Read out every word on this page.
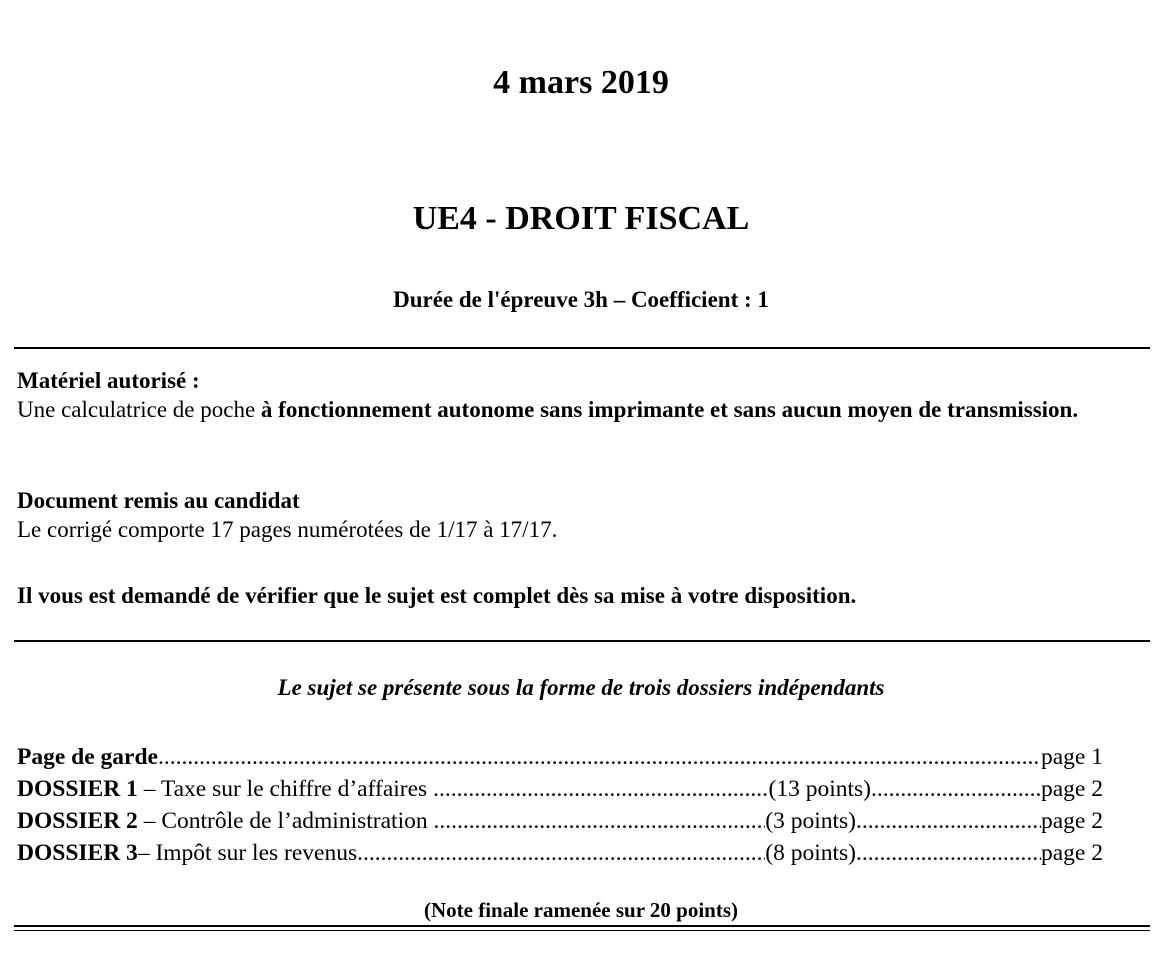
4 mars 2019
UE4 - DROIT FISCAL
Durée de l'épreuve 3h – Coefficient : 1
Matériel autorisé :
Une calculatrice de poche à fonctionnement autonome sans imprimante et sans aucun moyen de transmission.
Document remis au candidat
Le corrigé comporte 17 pages numérotées de 1/17 à 17/17.
Il vous est demandé de vérifier que le sujet est complet dès sa mise à votre disposition.
Le sujet se présente sous la forme de trois dossiers indépendants
Page de garde .....	page 1
DOSSIER 1 – Taxe sur le chiffre d’affaires .....	(13 points) .....	page 2
DOSSIER 2 – Contrôle de l’administration .....	(3 points) .....	page 2
DOSSIER 3 – Impôt sur les revenus .....	(8 points) .....	page 2
(Note finale ramenée sur 20 points)
